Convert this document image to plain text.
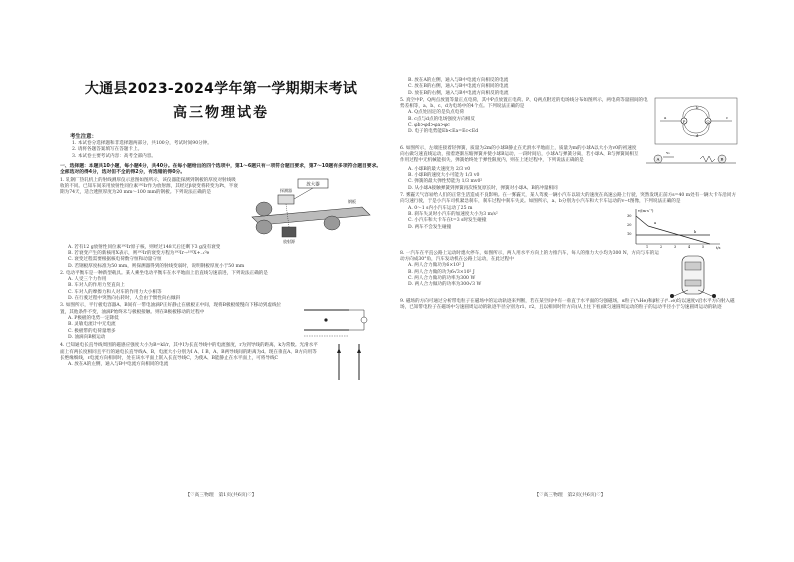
大通县2023-2024学年第一学期期末考试
高三物理试卷
考生注意：
1. 本试卷分选择题和非选择题两部分，共100分，考试时间90分钟。
2. 请将各题答案填写在答题卡上。
3. 本试卷主要考试内容：高考全部内容。
一、选择题：本题共10小题，每小题4分，共40分。在每小题给出的四个选项中，第1～6题只有一项符合题目要求，第7～10题有多项符合题目要求。全部选对的得4分，选对但不全的得2分，有选错的得0分。
1. 轧钢厂热轧机上的射线测厚仪示意图如图所示，该仪器能探测到钢板的厚度对射线吸收的不同。已知车间采用放射性同位素¹⁹²Ir作为放射源，其经过β衰变将转变为Pt，半衰期为74天，适合透照厚度为20 mm～100 mm的钢板。下列说法正确的是
放大器
探测器
放射源
钢板
A. 若有12 g放射性同位素¹⁹²Ir原子核，则经过148天后还剩下3 g没有衰变
B. 若衰变产生的新核用X表示，则¹⁹²Ir的衰变方程为¹⁹²Ir→¹⁹²X+₋₁⁰e
C. 衰变过程需要根据核电荷数守恒和动量守恒
D. 若钢板厚度标准为50 mm，则探测器得到的射线变弱时，说明钢板厚度小于50 mm
2. 电动平衡车是一种新型载具。某人乘坐电动平衡车在水平地面上沿直线匀速前进，下列说法正确的是
A. 人受三个力作用
B. 车对人的作用力竖直向上
C. 车对人的摩擦力和人对车的作用力大小相等
D. 在行驶过程中突然向右转时，人会由于惯性向右倾斜
3. 如图所示，平行板电容器A、B间有一带电油滴P正好静止在极板正中间，现将B极板缓慢向下移动到虚线位置，其他条件不变，油滴P始终未与极板接触。则在B极板移动的过程中
A. P极板的电势一定降低
B. 灵敏电流计中无电流
C. 极板带的电荷量增多
D. 油滴向B极运动
4. 已知通电长直导线周围的磁感应强度大小为B=kI/r，其中I为长直导线中的电流强度，r为到导线的距离，k为常数。光滑水平面上有两长度相同且平行的通电长直导线A、B，电流大小分别为I A、I B，A、B两导线间的距离为d。现在垂直A、B方向用等长绝缘细线，ℓ电流方向相同时，处在该水平面上嵌入长直导线C，为使A、B能静止在水平面上，可将导线C
A. 放在A的左侧，通入与B中电流方向相同的电流
【♡高三物理　第1页(共6页)♡】
B. 放在A的左侧，通入与B中电流方向相反的电流
C. 放在B的右侧，通入与B中电流方向相同的电流
D. 放在B的右侧，通入与B中电流方向相反的电流
5. 真空中P、Q两点放置等量正点电荷，其中P点放置正电荷。P、Q两点附近的电场线分布如图所示，两电荷等量圆间的电势差相等，a、b、c、d为电场中的4个点。下列说法正确的是
A. Q点处固定的是负点电荷
B. c点与d点的电场强度方向相反
C. φb>φd>φa>φc
D. 电子的电势能Eb<Ea=Ec<Ed
P	Q
a
b
c
d
6. 如图所示，左端连接着轻弹簧，质量为2m的小球B静止在光滑水平地面上，质量为m的小球A以大小为v0的初速度向右做匀速直线运动，接着逐渐压缩弹簧并使小球B运动，一段时间后，小球A与弹簧分离，若小球A、B与弹簧间相互作用过程中无机械能损失，弹簧始终处于弹性限度内，则在上述过程中，下列说法正确的是	A
v₀
B
A. 小球B的最大速度为 2/3 v0
B. 小球B的速度大小可能为 1/3 v0
C. 弹簧的最大弹性势能为 1/3 mv0²
D. 从小球A接触弹簧到弹簧再次恢复原长时，弹簧对小球A、B的冲量相同
7. 雾霾天气容易给人们的正常生活造成不良影响。在一雾霾天，某人驾驶一辆小汽车以较大的速度在高速公路上行驶，突然发现正前方s=40 m处有一辆大卡车沿同方向匀速行驶，于是小汽车司机紧急刹车，刹车过程中刹车失灵。如图所示，a、b分别为小汽车和大卡车运动的v−t图像，下列说法正确的是
A. 0～1 s内小汽车运动了25 m
B. 刹车失灵时小汽车的加速度大小为3 m/s²
C. 小汽车和大卡车在t=3 s时发生碰撞
D. 两车不会发生碰撞
v/(m·s⁻¹)
t/s
30
20
10
a
b
1	2	3	4	5
8. 一汽车在平直公路上运动时熄火停车，如图所示，两人用水平方向上的力推汽车，每人的推力大小均为300 N，方向与车的运动方向成30°角，汽车发动机在公路上运动，在此过程中
A. 两人合力做功为6×10² J
B. 两人合力做的功为6√3×10² J
C. 两人合力做功的功率为300 W
D. 两人合力做功的功率为300√3 W
9. 磁场的方向可通过分析带电粒子在磁场中的运动轨迹来判断，若在某空间中有一垂直于水平面的匀强磁场，α粒子(⁴₂He)和β粒子(⁰₋₁e)均以速度v沿水平方向射入磁场，已知带电粒子在磁场中匀速圆周运动的轨迹半径分别为r1、r2，且以相同时针方向(从上往下看)做匀速圆周运动的粒子的运动半径小于匀速圆周运动的轨迹
【♡高三物理　第2页(共6页)♡】
